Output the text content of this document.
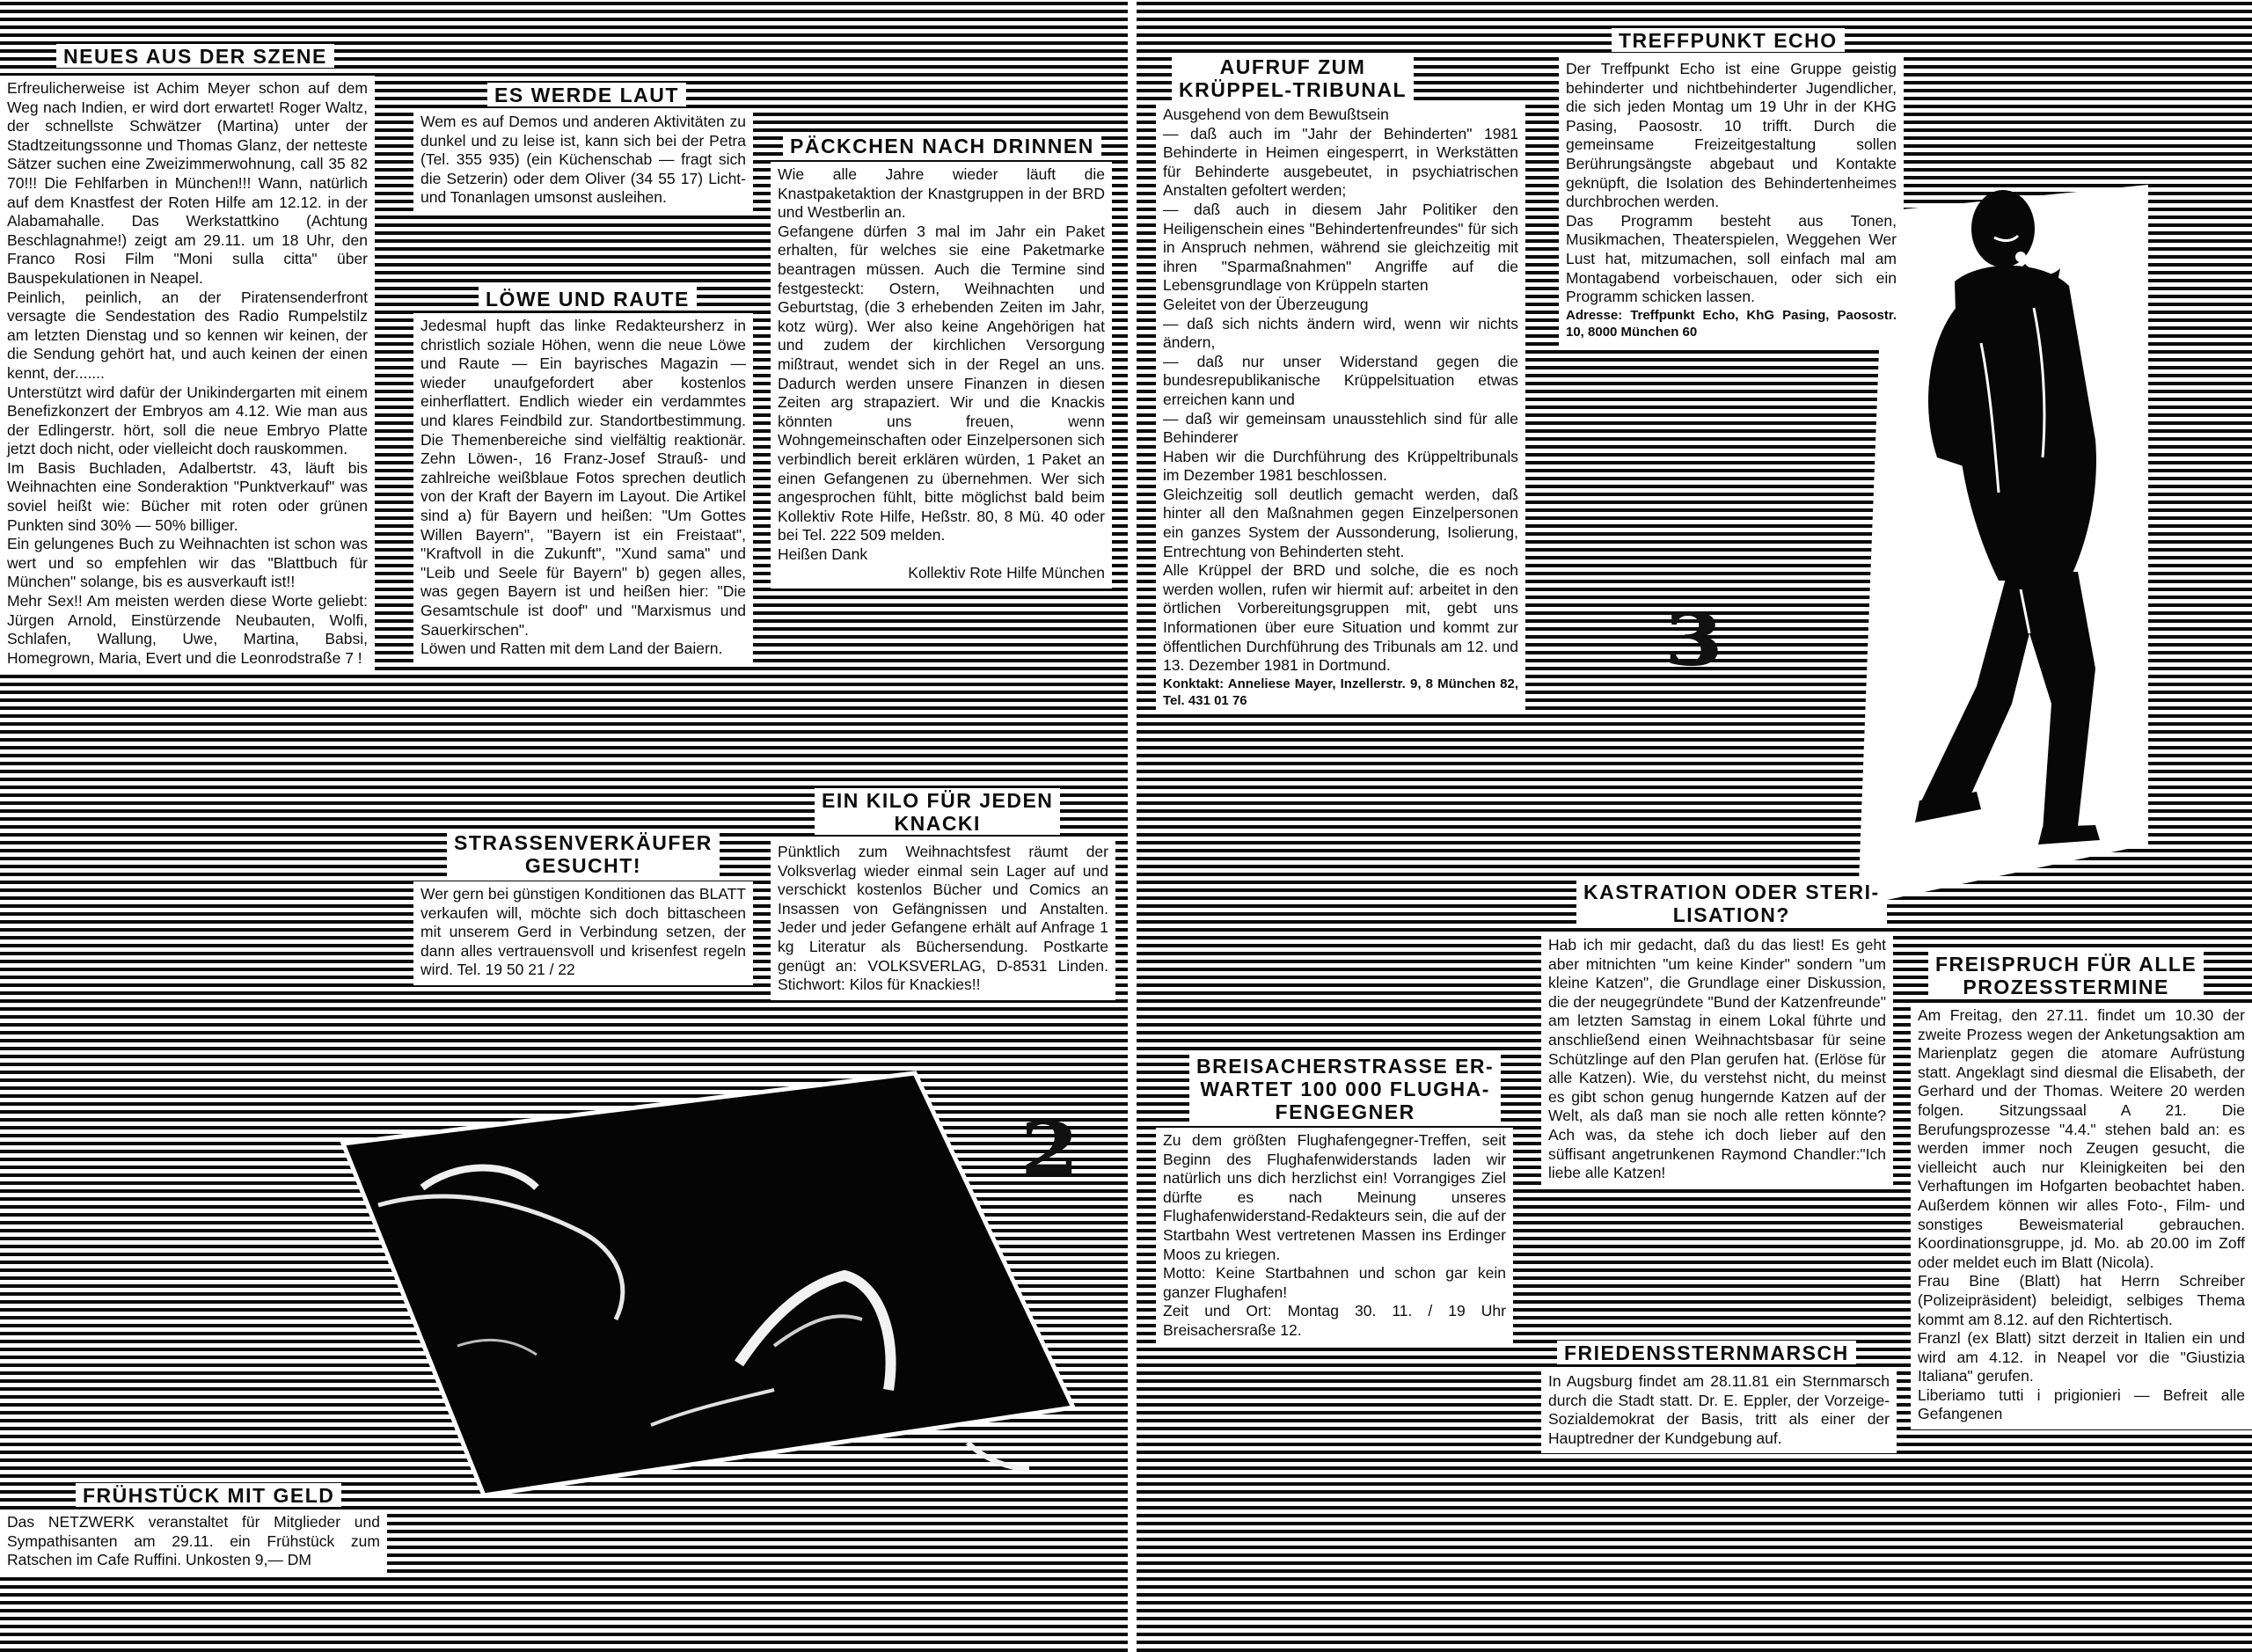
2
NEUES AUS DER SZENE

Erfreulicherweise ist Achim Meyer schon auf dem Weg nach Indien, er wird dort erwartet! Roger Waltz, der schnellste Schwätzer (Martina) unter der Stadtzeitungssonne und Thomas Glanz, der netteste Sätzer suchen eine Zweizimmerwohnung, call 35 82 70!!! Die Fehlfarben in München!!! Wann, natürlich auf dem Knastfest der Roten Hilfe am 12.12. in der Alabamahalle. Das Werkstattkino (Achtung Beschlagnahme!) zeigt am 29.11. um 18 Uhr, den Franco Rosi Film "Moni sulla citta" über Bauspekulationen in Neapel.

Peinlich, peinlich, an der Piratensenderfront versagte die Sendestation des Radio Rumpelstilz am letzten Dienstag und so kennen wir keinen, der die Sendung gehört hat, und auch keinen der einen kennt, der.......

Unterstützt wird dafür der Unikindergarten mit einem Benefizkonzert der Embryos am 4.12. Wie man aus der Edlingerstr. hört, soll die neue Embryo Platte jetzt doch nicht, oder vielleicht doch rauskommen.

Im Basis Buchladen, Adalbertstr. 43, läuft bis Weihnachten eine Sonderaktion "Punktverkauf" was soviel heißt wie: Bücher mit roten oder grünen Punkten sind 30% — 50% billiger.

Ein gelungenes Buch zu Weihnachten ist schon was wert und so empfehlen wir das "Blattbuch für München" solange, bis es ausverkauft ist!!

Mehr Sex!! Am meisten werden diese Worte geliebt: Jürgen Arnold, Einstürzende Neubauten, Wolfi, Schlafen, Wallung, Uwe, Martina, Babsi, Homegrown, Maria, Evert und die Leonrodstraße 7 !

ES WERDE LAUT

Wem es auf Demos und anderen Aktivitäten zu dunkel und zu leise ist, kann sich bei der Petra (Tel. 355 935) (ein Küchenschab — fragt sich die Setzerin) oder dem Oliver (34 55 17) Licht- und Tonanlagen umsonst ausleihen.

LÖWE UND RAUTE

Jedesmal hupft das linke Redakteursherz in christlich soziale Höhen, wenn die neue Löwe und Raute — Ein bayrisches Magazin — wieder unaufgefordert aber kostenlos einherflattert. Endlich wieder ein verdammtes und klares Feindbild zur. Standortbestimmung. Die Themenbereiche sind vielfältig reaktionär. Zehn Löwen-, 16 Franz-Josef Strauß- und zahlreiche weißblaue Fotos sprechen deutlich von der Kraft der Bayern im Layout. Die Artikel sind a) für Bayern und heißen: "Um Gottes Willen Bayern", "Bayern ist ein Freistaat", "Kraftvoll in die Zukunft", "Xund sama" und "Leib und Seele für Bayern" b) gegen alles, was gegen Bayern ist und heißen hier: "Die Gesamtschule ist doof" und "Marxismus und Sauerkirschen".

Löwen und Ratten mit dem Land der Baiern.

PÄCKCHEN NACH DRINNEN

Wie alle Jahre wieder läuft die Knastpaketaktion der Knastgruppen in der BRD und Westberlin an.
Gefangene dürfen 3 mal im Jahr ein Paket erhalten, für welches sie eine Paketmarke beantragen müssen. Auch die Termine sind festgesteckt: Ostern, Weihnachten und Geburtstag, (die 3 erhebenden Zeiten im Jahr, kotz würg). Wer also keine Angehörigen hat und zudem der kirchlichen Versorgung mißtraut, wendet sich in der Regel an uns. Dadurch werden unsere Finanzen in diesen Zeiten arg strapaziert. Wir und die Knackis könnten uns freuen, wenn Wohngemeinschaften oder Einzelpersonen sich verbindlich bereit erklären würden, 1 Paket an einen Gefangenen zu übernehmen. Wer sich angesprochen fühlt, bitte möglichst bald beim Kollektiv Rote Hilfe, Heßstr. 80, 8 Mü. 40 oder bei Tel. 222 509 melden.
Heißen Dank

Kollektiv Rote Hilfe München

EIN KILO FÜR JEDEN
KNACKI

Pünktlich zum Weihnachtsfest räumt der Volksverlag wieder einmal sein Lager auf und verschickt kostenlos Bücher und Comics an Insassen von Gefängnissen und Anstalten. Jeder und jeder Gefangene erhält auf Anfrage 1 kg Literatur als Büchersendung. Postkarte genügt an: VOLKSVERLAG, D-8531 Linden. Stichwort: Kilos für Knackies!!

STRASSENVERKÄUFER
GESUCHT!

Wer gern bei günstigen Konditionen das BLATT verkaufen will, möchte sich doch bittascheen mit unserem Gerd in Verbindung setzen, der dann alles vertrauensvoll und krisenfest regeln wird. Tel. 19 50 21 / 22

FRÜHSTÜCK MIT GELD

Das NETZWERK veranstaltet für Mitglieder und Sympathisanten am 29.11. ein Frühstück zum Ratschen im Cafe Ruffini. Unkosten 9,— DM

3
AUFRUF ZUM
KRÜPPEL-TRIBUNAL

Ausgehend von dem Bewußtsein
— daß auch im "Jahr der Behinderten" 1981 Behinderte in Heimen eingesperrt, in Werkstätten für Behinderte ausgebeutet, in psychiatrischen Anstalten gefoltert werden;
— daß auch in diesem Jahr Politiker den Heiligenschein eines "Behindertenfreundes" für sich in Anspruch nehmen, während sie gleichzeitig mit ihren "Sparmaßnahmen" Angriffe auf die Lebensgrundlage von Krüppeln starten
Geleitet von der Überzeugung
— daß sich nichts ändern wird, wenn wir nichts ändern,
— daß nur unser Widerstand gegen die bundesrepublikanische Krüppelsituation etwas erreichen kann und
— daß wir gemeinsam unausstehlich sind für alle Behinderer
Haben wir die Durchführung des Krüppeltribunals im Dezember 1981 beschlossen.
Gleichzeitig soll deutlich gemacht werden, daß hinter all den Maßnahmen gegen Einzelpersonen ein ganzes System der Aussonderung, Isolierung, Entrechtung von Behinderten steht.
Alle Krüppel der BRD und solche, die es noch werden wollen, rufen wir hiermit auf: arbeitet in den örtlichen Vorbereitungsgruppen mit, gebt uns Informationen über eure Situation und kommt zur öffentlichen Durchführung des Tribunals am 12. und 13. Dezember 1981 in Dortmund.

Konktakt: Anneliese Mayer, Inzellerstr. 9, 8 München 82, Tel. 431 01 76

TREFFPUNKT ECHO

Der Treffpunkt Echo ist eine Gruppe geistig behinderter und nichtbehinderter Jugendlicher, die sich jeden Montag um 19 Uhr in der KHG Pasing, Paosostr. 10 trifft. Durch die gemeinsame Freizeitgestaltung sollen Berührungsängste abgebaut und Kontakte geknüpft, die Isolation des Behindertenheimes durchbrochen werden.
Das Programm besteht aus Tonen, Musikmachen, Theaterspielen, Weggehen Wer Lust hat, mitzumachen, soll einfach mal am Montagabend vorbeischauen, oder sich ein Programm schicken lassen.

Adresse: Treffpunkt Echo, KhG Pasing, Paosostr. 10, 8000 München 60

KASTRATION ODER STERI-
LISATION?

Hab ich mir gedacht, daß du das liest! Es geht aber mitnichten "um keine Kinder" sondern "um kleine Katzen", die Grundlage einer Diskussion, die der neugegründete "Bund der Katzenfreunde" am letzten Samstag in einem Lokal führte und anschließend einen Weihnachtsbasar für seine Schützlinge auf den Plan gerufen hat. (Erlöse für alle Katzen). Wie, du verstehst nicht, du meinst es gibt schon genug hungernde Katzen auf der Welt, als daß man sie noch alle retten könnte? Ach was, da stehe ich doch lieber auf den süffisant angetrunkenen Raymond Chandler:"Ich liebe alle Katzen!

BREISACHERSTRASSE ER-
WARTET 100 000 FLUGHA-
FENGEGNER

Zu dem größten Flughafengegner-Treffen, seit Beginn des Flughafenwiderstands laden wir natürlich uns dich herzlichst ein! Vorrangiges Ziel dürfte es nach Meinung unseres Flughafenwiderstand-Redakteurs sein, die auf der Startbahn West vertretenen Massen ins Erdinger Moos zu kriegen.
Motto: Keine Startbahnen und schon gar kein ganzer Flughafen!
Zeit und Ort: Montag 30. 11. / 19 Uhr Breisachersraße 12.

FRIEDENSSTERNMARSCH

In Augsburg findet am 28.11.81 ein Sternmarsch durch die Stadt statt. Dr. E. Eppler, der Vorzeige-Sozialdemokrat der Basis, tritt als einer der Hauptredner der Kundgebung auf.

FREISPRUCH FÜR ALLE
PROZESSTERMINE

Am Freitag, den 27.11. findet um 10.30 der zweite Prozess wegen der Anketungsaktion am Marienplatz gegen die atomare Aufrüstung statt. Angeklagt sind diesmal die Elisabeth, der Gerhard und der Thomas. Weitere 20 werden folgen. Sitzungssaal A 21. Die Berufungsprozesse "4.4." stehen bald an: es werden immer noch Zeugen gesucht, die vielleicht auch nur Kleinigkeiten bei den Verhaftungen im Hofgarten beobachtet haben. Außerdem können wir alles Foto-, Film- und sonstiges Beweismaterial gebrauchen. Koordinationsgruppe, jd. Mo. ab 20.00 im Zoff oder meldet euch im Blatt (Nicola).
Frau Bine (Blatt) hat Herrn Schreiber (Polizeipräsident) beleidigt, selbiges Thema kommt am 8.12. auf den Richtertisch.
Franzl (ex Blatt) sitzt derzeit in Italien ein und wird am 4.12. in Neapel vor die "Giustizia Italiana" gerufen.
Liberiamo tutti i prigionieri — Befreit alle Gefangenen
